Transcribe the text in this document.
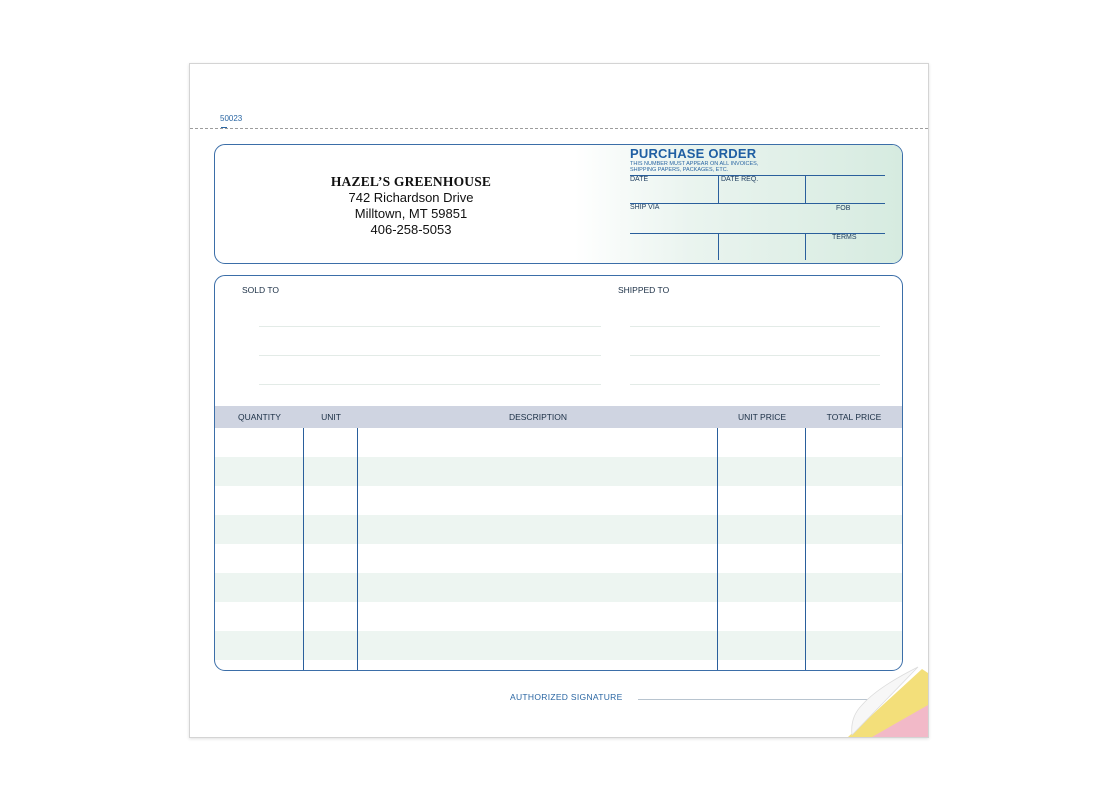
50023
HAZEL’S GREENHOUSE
742 Richardson Drive
Milltown, MT 59851
406-258-5053
PURCHASE ORDER
THIS NUMBER MUST APPEAR ON ALL INVOICES,
SHIPPING PAPERS, PACKAGES, ETC.
DATE	DATE REQ.
SHIP VIA	FOB
TERMS
SOLD TO	SHIPPED TO
QUANTITY	UNIT	DESCRIPTION	UNIT PRICE	TOTAL PRICE
AUTHORIZED SIGNATURE
